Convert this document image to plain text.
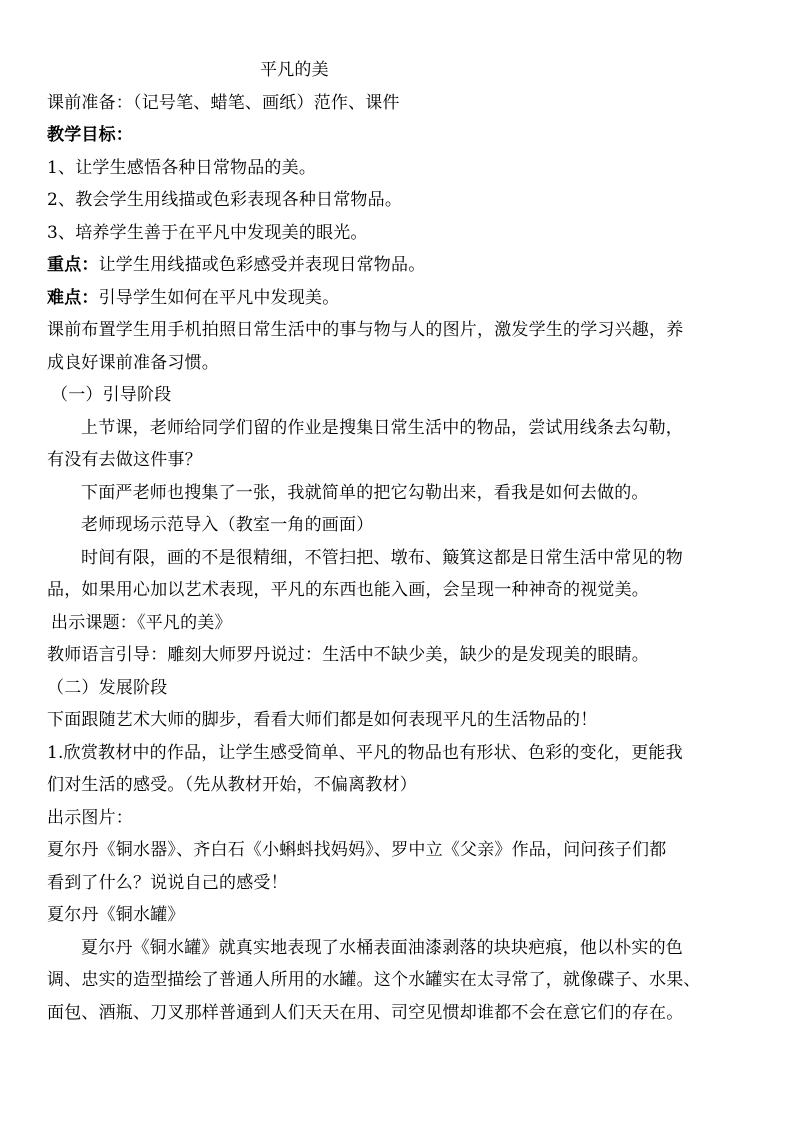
平凡的美
课前准备：（记号笔、蜡笔、画纸）范作、课件
教学目标：
1、让学生感悟各种日常物品的美。
2、教会学生用线描或色彩表现各种日常物品。
3、培养学生善于在平凡中发现美的眼光。
重点：让学生用线描或色彩感受并表现日常物品。
难点：引导学生如何在平凡中发现美。
课前布置学生用手机拍照日常生活中的事与物与人的图片，激发学生的学习兴趣，养
成良好课前准备习惯。
（一）引导阶段
上节课，老师给同学们留的作业是搜集日常生活中的物品，尝试用线条去勾勒，
有没有去做这件事？
下面严老师也搜集了一张，我就简单的把它勾勒出来，看我是如何去做的。
老师现场示范导入（教室一角的画面）
时间有限，画的不是很精细，不管扫把、墩布、簸箕这都是日常生活中常见的物
品，如果用心加以艺术表现，平凡的东西也能入画，会呈现一种神奇的视觉美。
出示课题：《平凡的美》
教师语言引导：雕刻大师罗丹说过：生活中不缺少美，缺少的是发现美的眼睛。
（二）发展阶段
下面跟随艺术大师的脚步，看看大师们都是如何表现平凡的生活物品的！
1.欣赏教材中的作品，让学生感受简单、平凡的物品也有形状、色彩的变化，更能我
们对生活的感受。（先从教材开始，不偏离教材）
出示图片：
夏尔丹《铜水器》、齐白石《小蝌蚪找妈妈》、罗中立《父亲》作品，问问孩子们都
看到了什么？说说自己的感受！
夏尔丹《铜水罐》
夏尔丹《铜水罐》就真实地表现了水桶表面油漆剥落的块块疤痕，他以朴实的色
调、忠实的造型描绘了普通人所用的水罐。这个水罐实在太寻常了，就像碟子、水果、
面包、酒瓶、刀叉那样普通到人们天天在用、司空见惯却谁都不会在意它们的存在。
